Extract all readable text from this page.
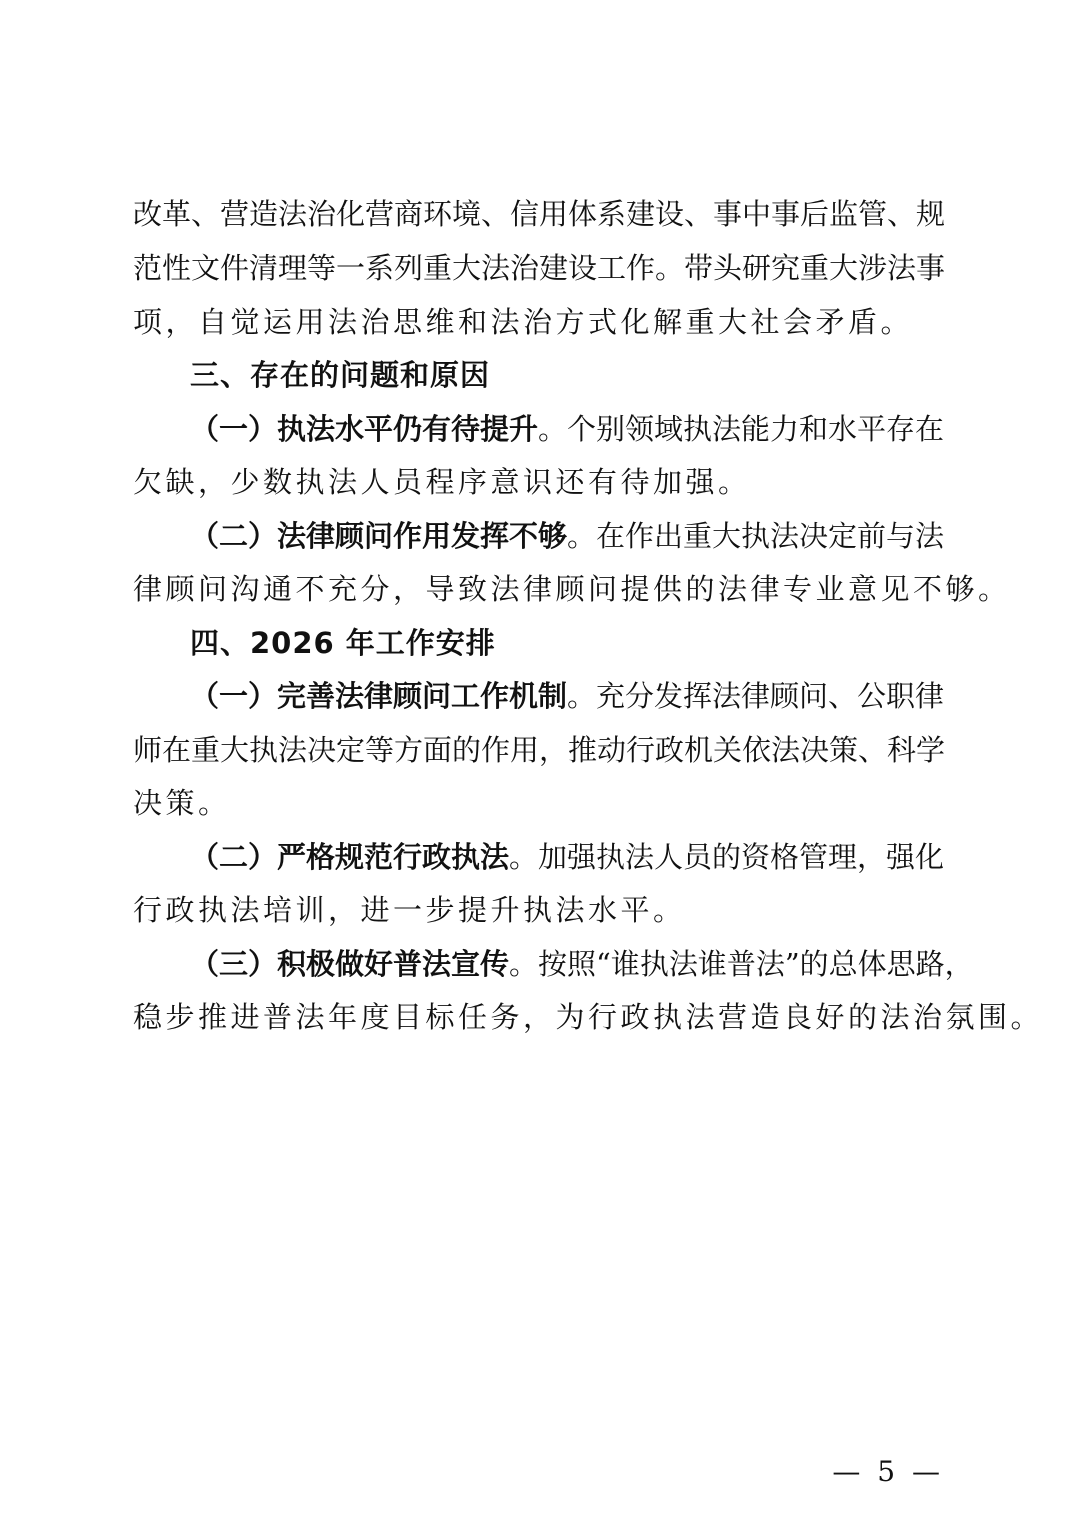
改革、营造法治化营商环境、信用体系建设、事中事后监管、规
范性文件清理等一系列重大法治建设工作。带头研究重大涉法事
项，自觉运用法治思维和法治方式化解重大社会矛盾。
三、存在的问题和原因
（一）执法水平仍有待提升。个别领域执法能力和水平存在
欠缺，少数执法人员程序意识还有待加强。
（二）法律顾问作用发挥不够。在作出重大执法决定前与法
律顾问沟通不充分，导致法律顾问提供的法律专业意见不够。
四、2026 年工作安排
（一）完善法律顾问工作机制。充分发挥法律顾问、公职律
师在重大执法决定等方面的作用，推动行政机关依法决策、科学
决策。
（二）严格规范行政执法。加强执法人员的资格管理，强化
行政执法培训，进一步提升执法水平。
（三）积极做好普法宣传。按照“谁执法谁普法”的总体思路，
稳步推进普法年度目标任务，为行政执法营造良好的法治氛围。
— 5 —
